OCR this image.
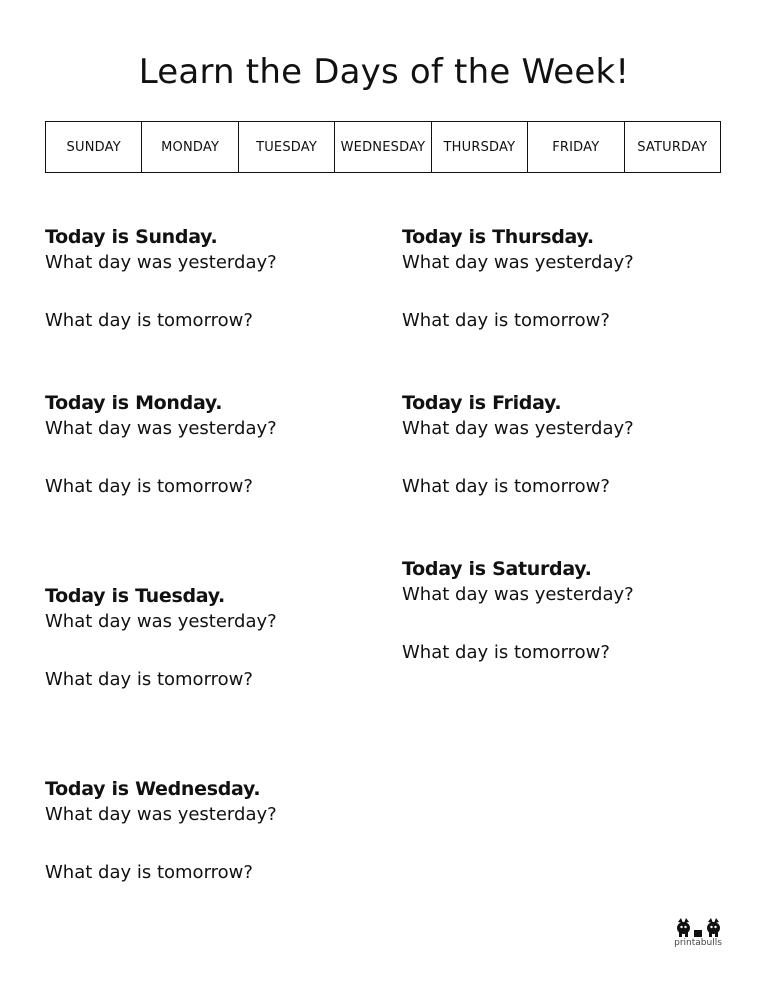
Learn the Days of the Week!
SUNDAY	MONDAY	TUESDAY	WEDNESDAY	THURSDAY	FRIDAY	SATURDAY
Today is Sunday.
What day was yesterday?
What day is tomorrow?
Today is Monday.
What day was yesterday?
What day is tomorrow?
Today is Tuesday.
What day was yesterday?
What day is tomorrow?
Today is Wednesday.
What day was yesterday?
What day is tomorrow?
Today is Thursday.
What day was yesterday?
What day is tomorrow?
Today is Friday.
What day was yesterday?
What day is tomorrow?
Today is Saturday.
What day was yesterday?
What day is tomorrow?
printabulls
